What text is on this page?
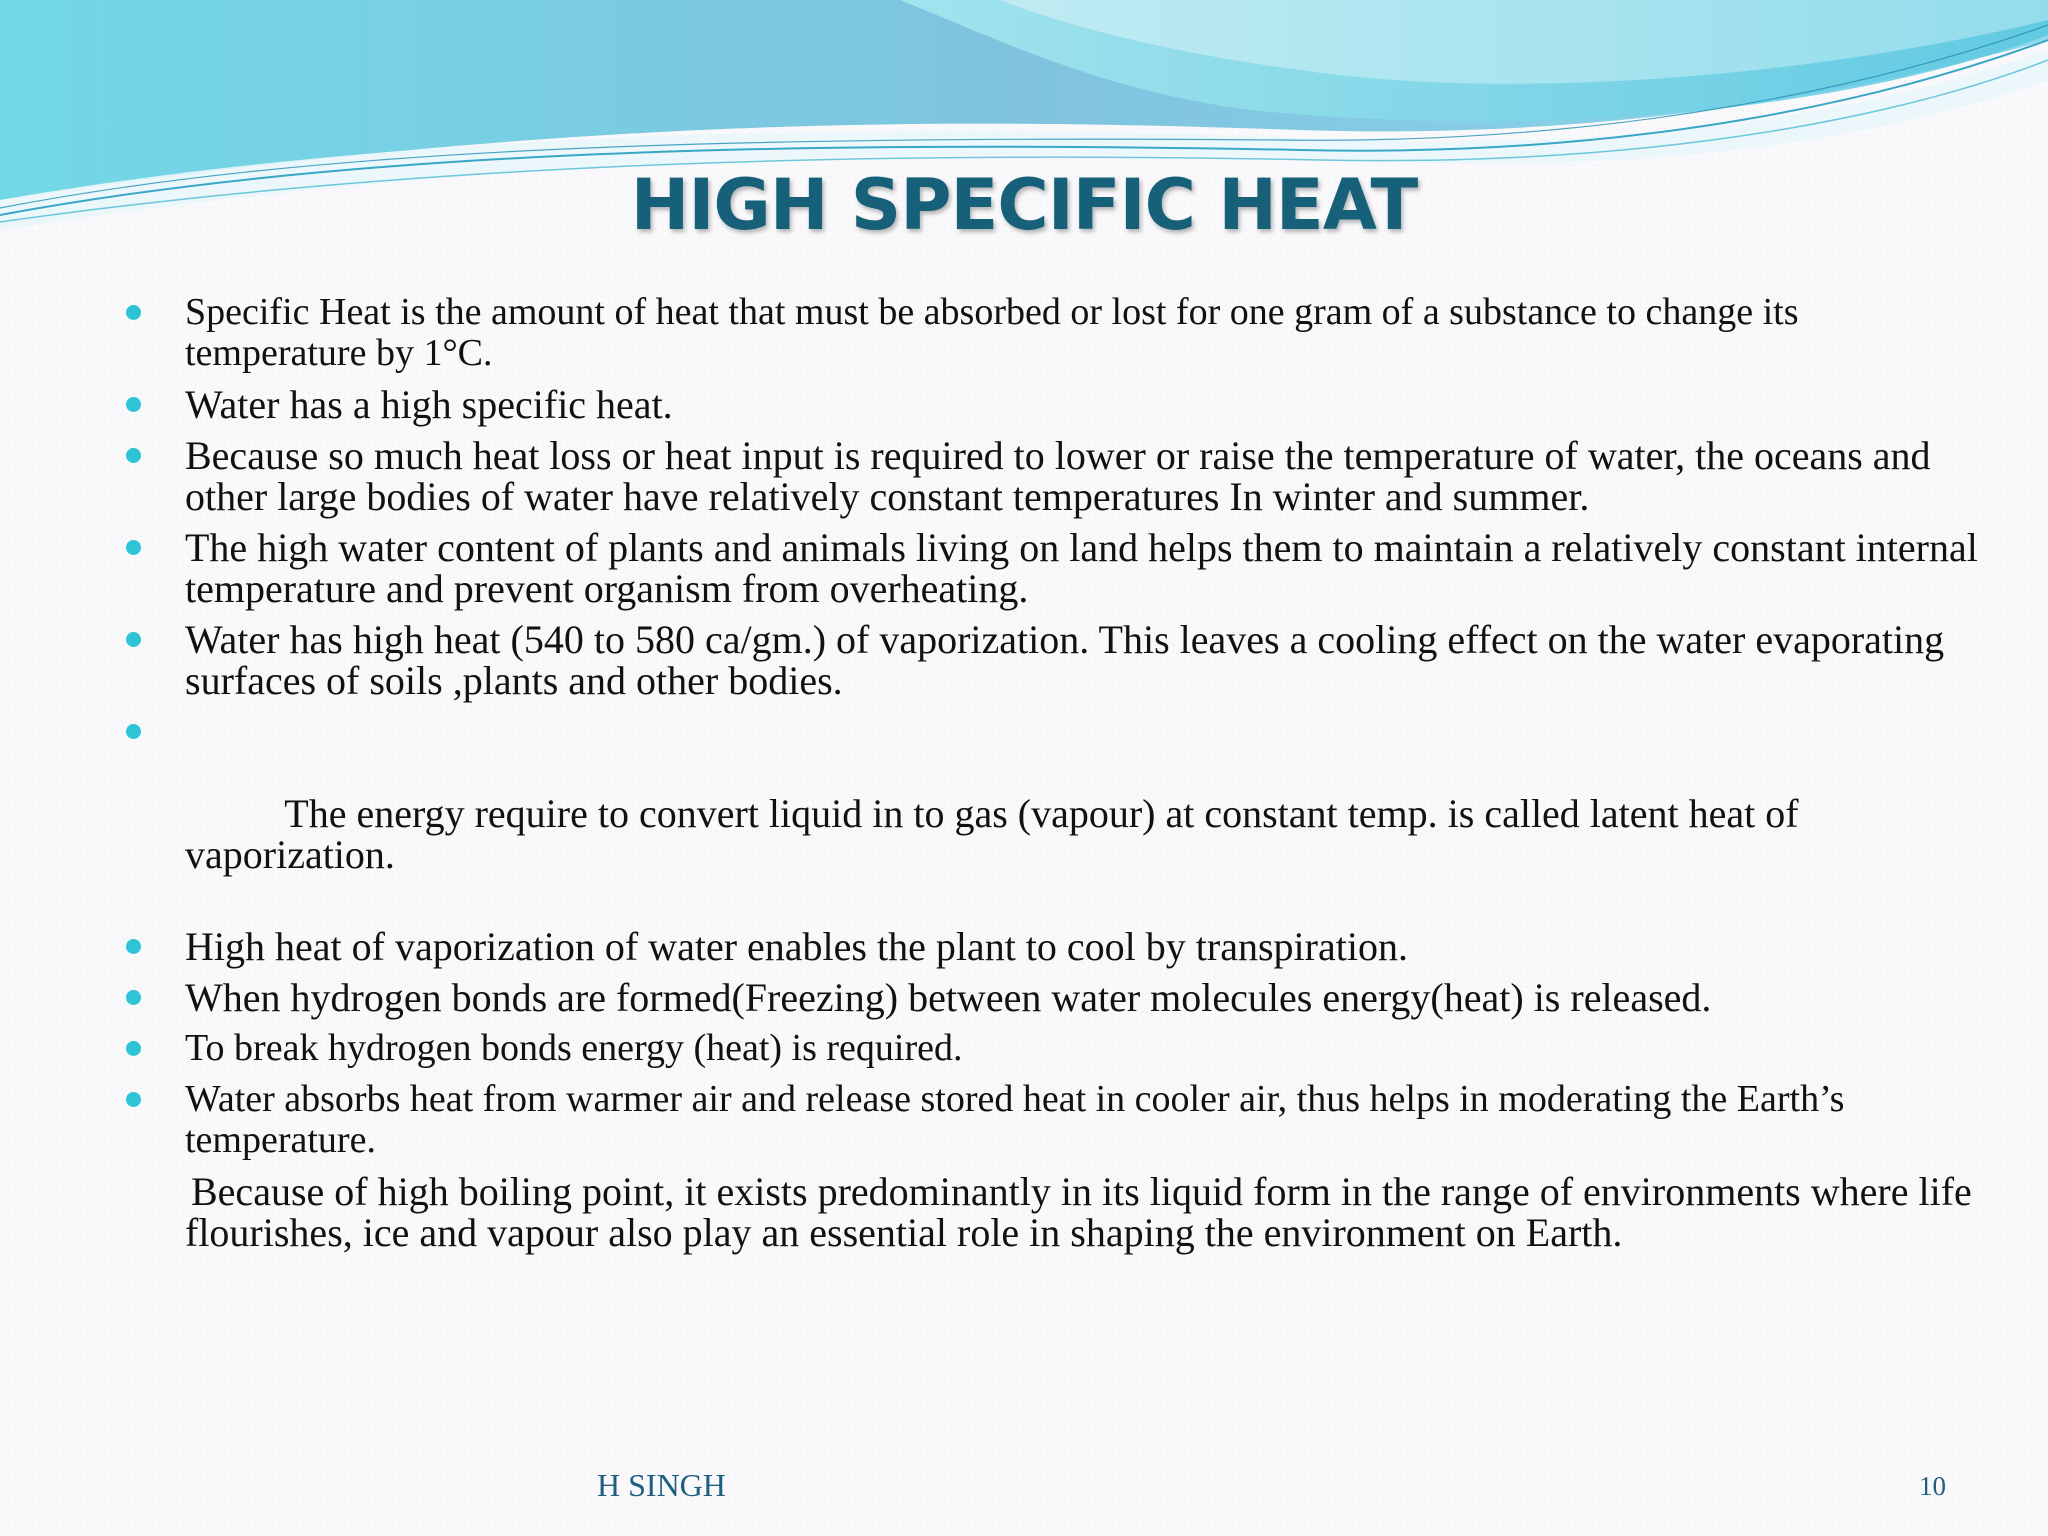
HIGH SPECIFIC HEAT
Specific Heat is the amount of heat that must be absorbed or lost for one gram of a substance to change its temperature by 1°C.
Water has a high specific heat.
Because so much heat loss or heat input is required to lower or raise the temperature of water, the oceans and other large bodies of water have relatively constant temperatures In winter and summer.
The high water content of plants and animals living on land helps them to maintain a relatively constant internal temperature and prevent organism from overheating.
Water has high heat (540 to 580 ca/gm.) of vaporization. This leaves a cooling effect on the water evaporating surfaces of soils ,plants and other bodies.

The energy require to convert liquid in to gas (vapour) at constant temp. is called latent heat of vaporization.

High heat of vaporization of water enables the plant to cool by transpiration.
When hydrogen bonds are formed(Freezing) between water molecules energy(heat) is released.
To break hydrogen bonds energy (heat) is required.
Water absorbs heat from warmer air and release stored heat in cooler air, thus helps in moderating the Earth’s temperature.

Because of high boiling point, it exists predominantly in its liquid form in the range of environments where life flourishes, ice and vapour also play an essential role in shaping the environment on Earth.

H SINGH	10
